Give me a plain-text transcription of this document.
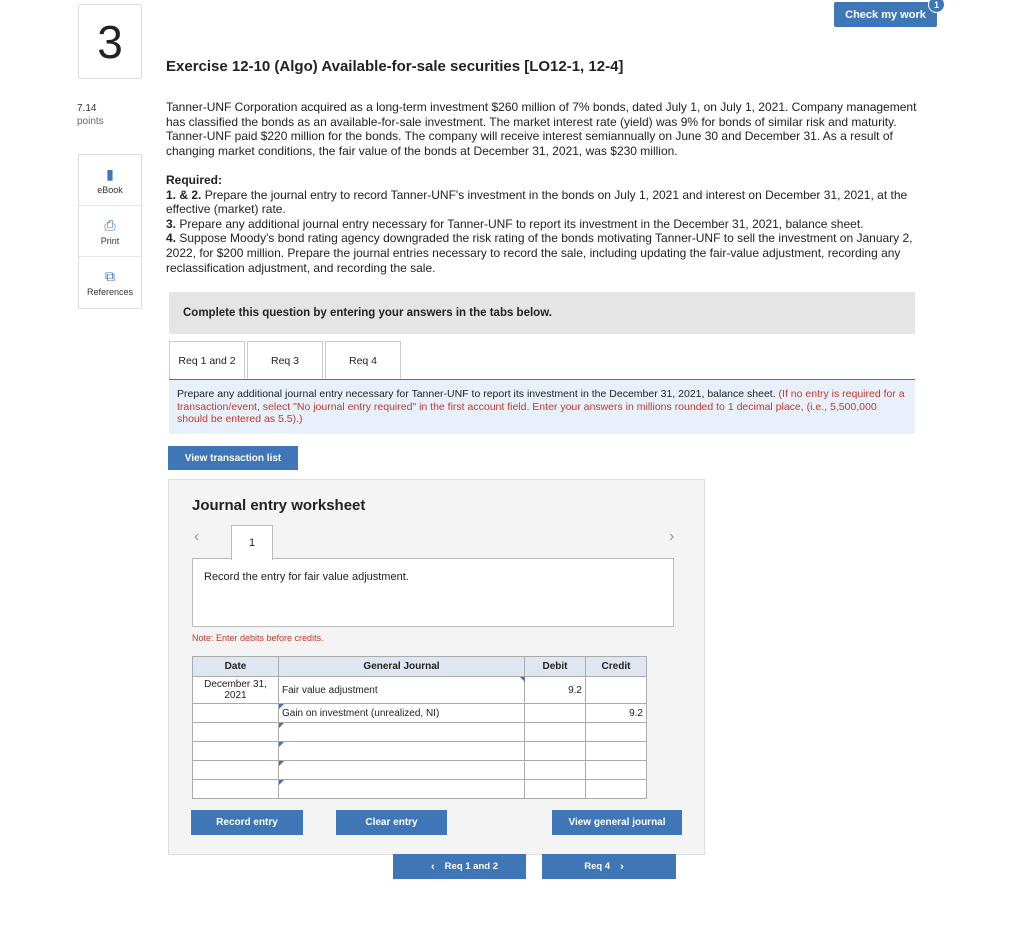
Check my work
1
3
7.14
points
▮
eBook
⎙
Print
⧉
References
Exercise 12-10 (Algo) Available-for-sale securities [LO12-1, 12-4]
Tanner-UNF Corporation acquired as a long-term investment $260 million of 7% bonds, dated July 1, on July 1, 2021. Company management has classified the bonds as an available-for-sale investment. The market interest rate (yield) was 9% for bonds of similar risk and maturity. Tanner-UNF paid $220 million for the bonds. The company will receive interest semiannually on June 30 and December 31. As a result of changing market conditions, the fair value of the bonds at December 31, 2021, was $230 million.
Required:
1. & 2. Prepare the journal entry to record Tanner-UNF's investment in the bonds on July 1, 2021 and interest on December 31, 2021, at the effective (market) rate.
3. Prepare any additional journal entry necessary for Tanner-UNF to report its investment in the December 31, 2021, balance sheet.
4. Suppose Moody's bond rating agency downgraded the risk rating of the bonds motivating Tanner-UNF to sell the investment on January 2, 2022, for $200 million. Prepare the journal entries necessary to record the sale, including updating the fair-value adjustment, recording any reclassification adjustment, and recording the sale.
Complete this question by entering your answers in the tabs below.
Req 1 and 2	Req 3	Req 4
Prepare any additional journal entry necessary for Tanner-UNF to report its investment in the December 31, 2021, balance sheet. (If no entry is required for a transaction/event, select "No journal entry required" in the first account field. Enter your answers in millions rounded to 1 decimal place, (i.e., 5,500,000 should be entered as 5.5).)
View transaction list
Journal entry worksheet
‹	1	›
Record the entry for fair value adjustment.
Note: Enter debits before credits.
Date	General Journal	Debit	Credit
December 31, 2021	Fair value adjustment	9.2	

Gain on investment (unrealized, NI)		9.2

Record entry	Clear entry	View general journal
‹ Req 1 and 2	Req 4 ›
